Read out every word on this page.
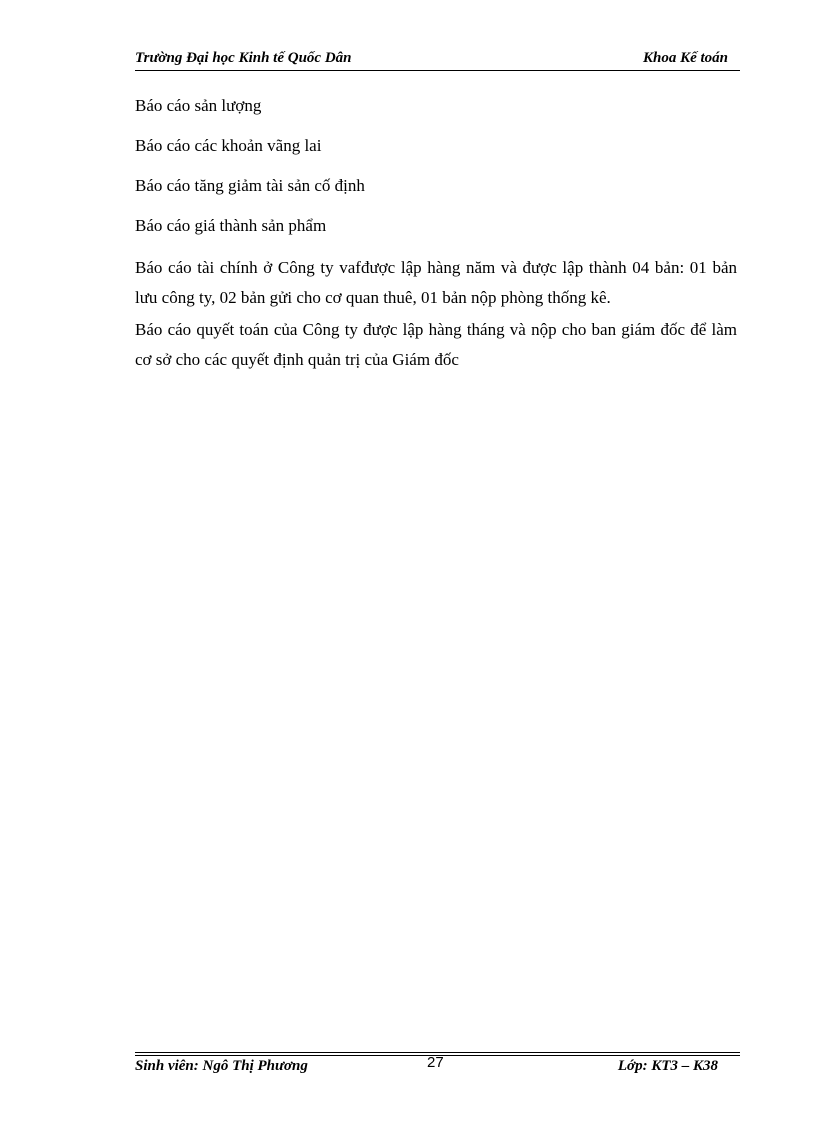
Trường Đại học Kinh tế Quốc Dân	Khoa Kế toán

Báo cáo sản lượng

Báo cáo các khoản vãng lai

Báo cáo tăng giảm tài sản cố định

Báo cáo giá thành sản phẩm

Báo cáo tài chính ở Công ty vafđược lập hàng năm và được lập thành 04 bản: 01 bản lưu công ty, 02 bản gửi cho cơ quan thuê, 01 bản nộp phòng thống kê.

Báo cáo quyết toán của Công ty được lập hàng tháng và nộp cho ban giám đốc để làm cơ sở cho các quyết định quản trị của Giám đốc

Sinh viên: Ngô Thị Phương	27	Lớp: KT3 – K38
